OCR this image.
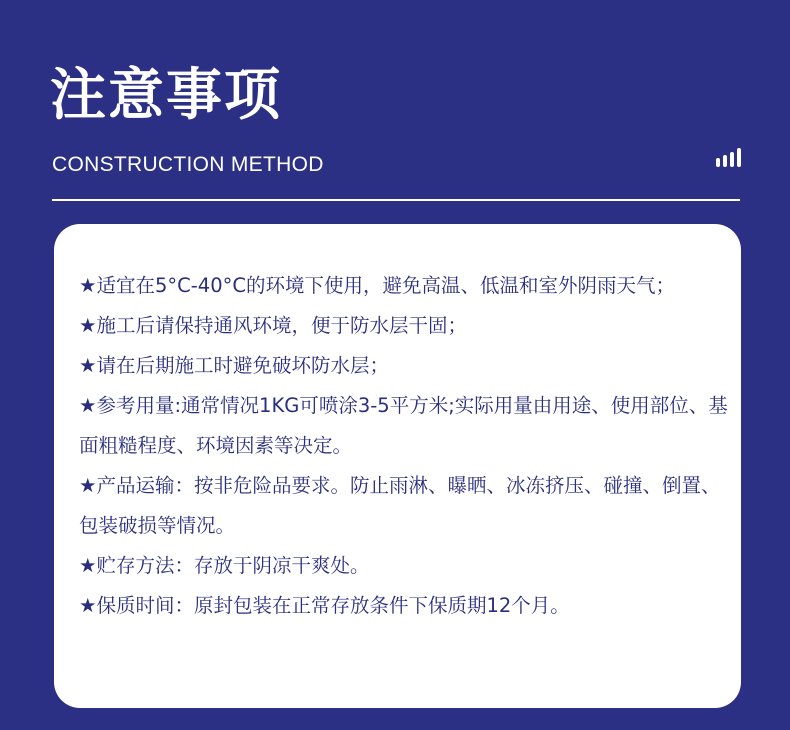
注意事项
CONSTRUCTION METHOD
★适宜在5°C-40°C的环境下使用，避免高温、低温和室外阴雨天气；
★施工后请保持通风环境，便于防水层干固；
★请在后期施工时避免破坏防水层；
★参考用量:通常情况1KG可喷涂3-5平方米;实际用量由用途、使用部位、基面粗糙程度、环境因素等决定。
★产品运输：按非危险品要求。防止雨淋、曝晒、冰冻挤压、碰撞、倒置、包装破损等情况。
★贮存方法：存放于阴凉干爽处。
★保质时间：原封包装在正常存放条件下保质期12个月。
